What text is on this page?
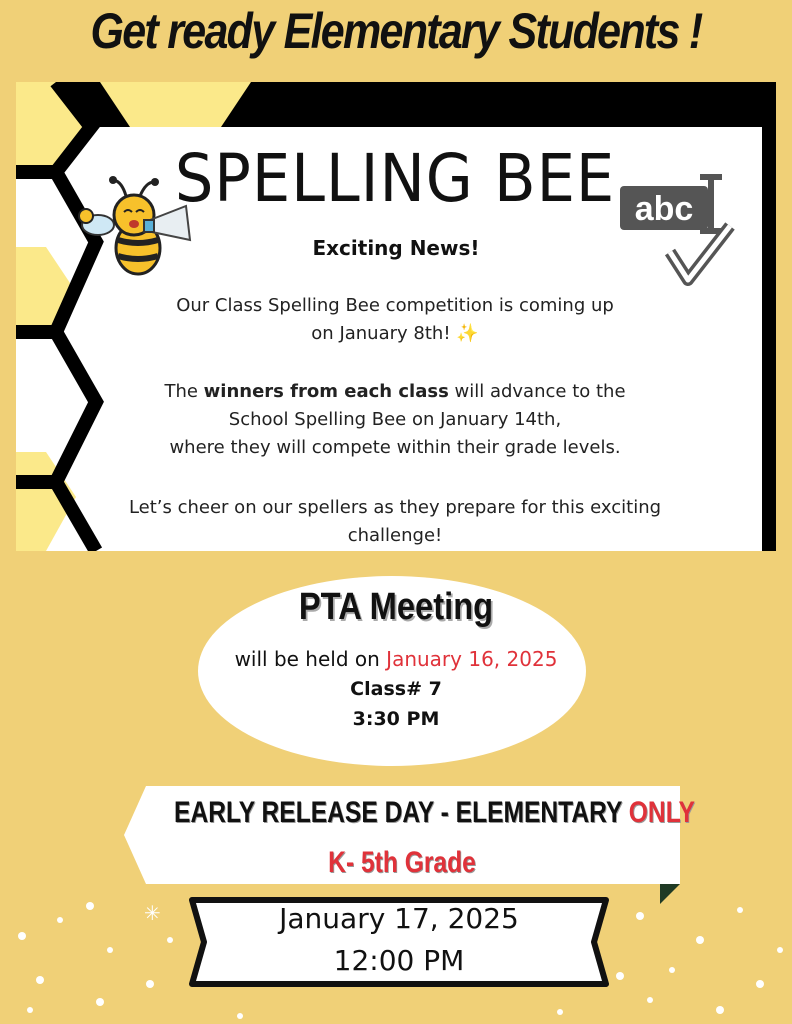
Get ready Elementary Students !
SPELLING BEE abc
Exciting News!
Our Class Spelling Bee competition is coming up
on January 8th! ✨
The winners from each class will advance to the
School Spelling Bee on January 14th,
where they will compete within their grade levels.
Let’s cheer on our spellers as they prepare for this exciting
challenge!
PTA Meeting
will be held on January 16, 2025
Class# 7
3:30 PM
EARLY RELEASE DAY - ELEMENTARY ONLY
K- 5th Grade
✳	January 17, 2025
12:00 PM
